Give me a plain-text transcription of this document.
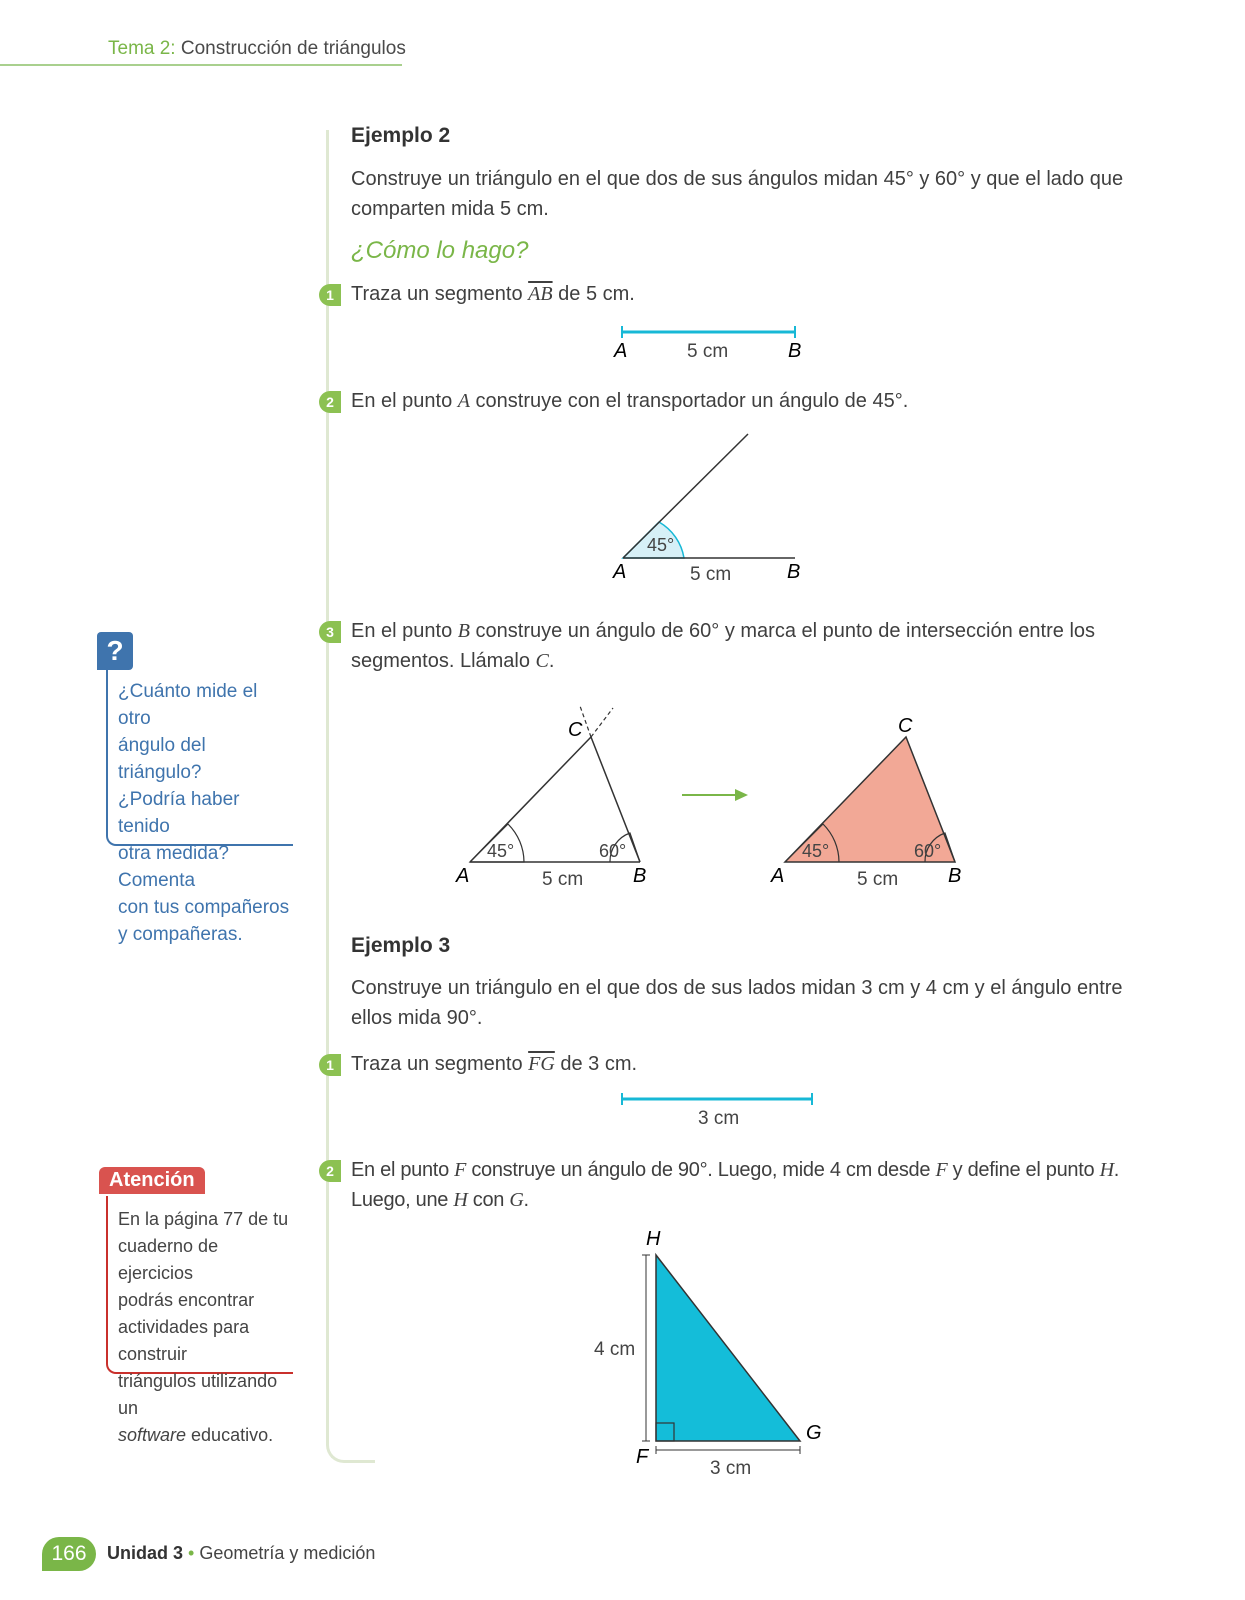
Tema 2: Construcción de triángulos
Ejemplo 2
Construye un triángulo en el que dos de sus ángulos midan 45° y 60° y que el lado que comparten mida 5 cm.
¿Cómo lo hago?
1 Traza un segmento $\overline{AB}$ de 5 cm.
A	5 cm	B
2 En el punto A construye con el transportador un ángulo de 45°.
45°
A	5 cm	B
3 En el punto B construye un ángulo de 60° y marca el punto de intersección entre los segmentos. Llámalo C.
C
45°	60°
A	5 cm B
C
45°	60°
A	5 cm B
?
¿Cuánto mide el otro
ángulo del triángulo?
¿Podría haber tenido
otra medida? Comenta
con tus compañeros
y compañeras.	Ejemplo 3
Construye un triángulo en el que dos de sus lados midan 3 cm y 4 cm y el ángulo entre ellos mida 90°.
1 Traza un segmento $\overline{FG}$ de 3 cm.
3 cm
Atención
En la página 77 de tu
cuaderno de ejercicios
podrás encontrar
actividades para construir
triángulos utilizando un
software educativo.
2 En el punto F construye un ángulo de 90°. Luego, mide 4 cm desde F y define el punto H. Luego, une H con G.
H
4 cm
F
G
3 cm
166	Unidad 3 • Geometría y medición
